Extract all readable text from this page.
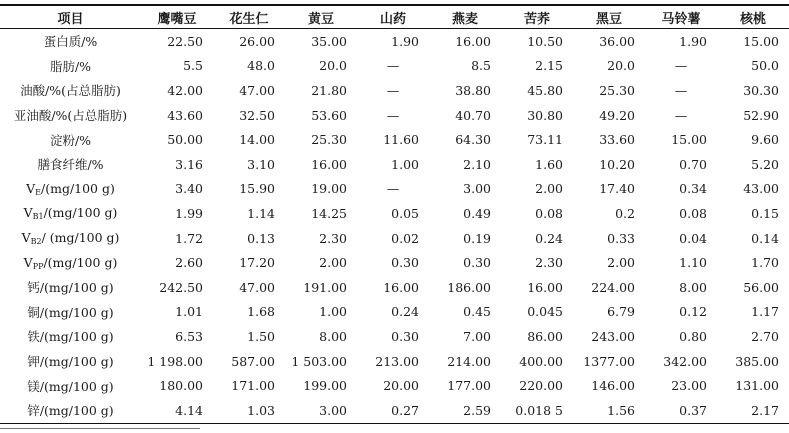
项目	鹰嘴豆	花生仁	黄豆	山药	燕麦	苦荞	黑豆	马铃薯	核桃
蛋白质/%	22.50	26.00	35.00	1.90	16.00	10.50	36.00	1.90	15.00
脂肪/%	5.5	48.0	20.0	—	8.5	2.15	20.0	—	50.0
油酸/%(占总脂肪)	42.00	47.00	21.80	—	38.80	45.80	25.30	—	30.30
亚油酸/%(占总脂肪)	43.60	32.50	53.60	—	40.70	30.80	49.20	—	52.90
淀粉/%	50.00	14.00	25.30	11.60	64.30	73.11	33.60	15.00	9.60
膳食纤维/%	3.16	3.10	16.00	1.00	2.10	1.60	10.20	0.70	5.20
$V_E/(mg/100$ g)	3.40	15.90	19.00	—	3.00	2.00	17.40	0.34	43.00
$V_{B1}/(mg/100$ g)	1.99	1.14	14.25	0.05	0.49	0.08	0.2	0.08	0.15
$V_{B2}/$ (mg/100 g)	1.72	0.13	2.30	0.02	0.19	0.24	0.33	0.04	0.14
$V_{PP}/(mg/100$ g)	2.60	17.20	2.00	0.30	0.30	2.30	2.00	1.10	1.70
钙/(mg/100 g)	242.50	47.00	191.00	16.00	186.00	16.00	224.00	8.00	56.00
铜/(mg/100 g)	1.01	1.68	1.00	0.24	0.45	0.045	6.79	0.12	1.17
铁/(mg/100 g)	6.53	1.50	8.00	0.30	7.00	86.00	243.00	0.80	2.70
钾/(mg/100 g)	1 198.00	587.00	1 503.00	213.00	214.00	400.00	1377.00	342.00	385.00
镁/(mg/100 g)	180.00	171.00	199.00	20.00	177.00	220.00	146.00	23.00	131.00
锌/(mg/100 g)	4.14	1.03	3.00	0.27	2.59	0.018 5	1.56	0.37	2.17
